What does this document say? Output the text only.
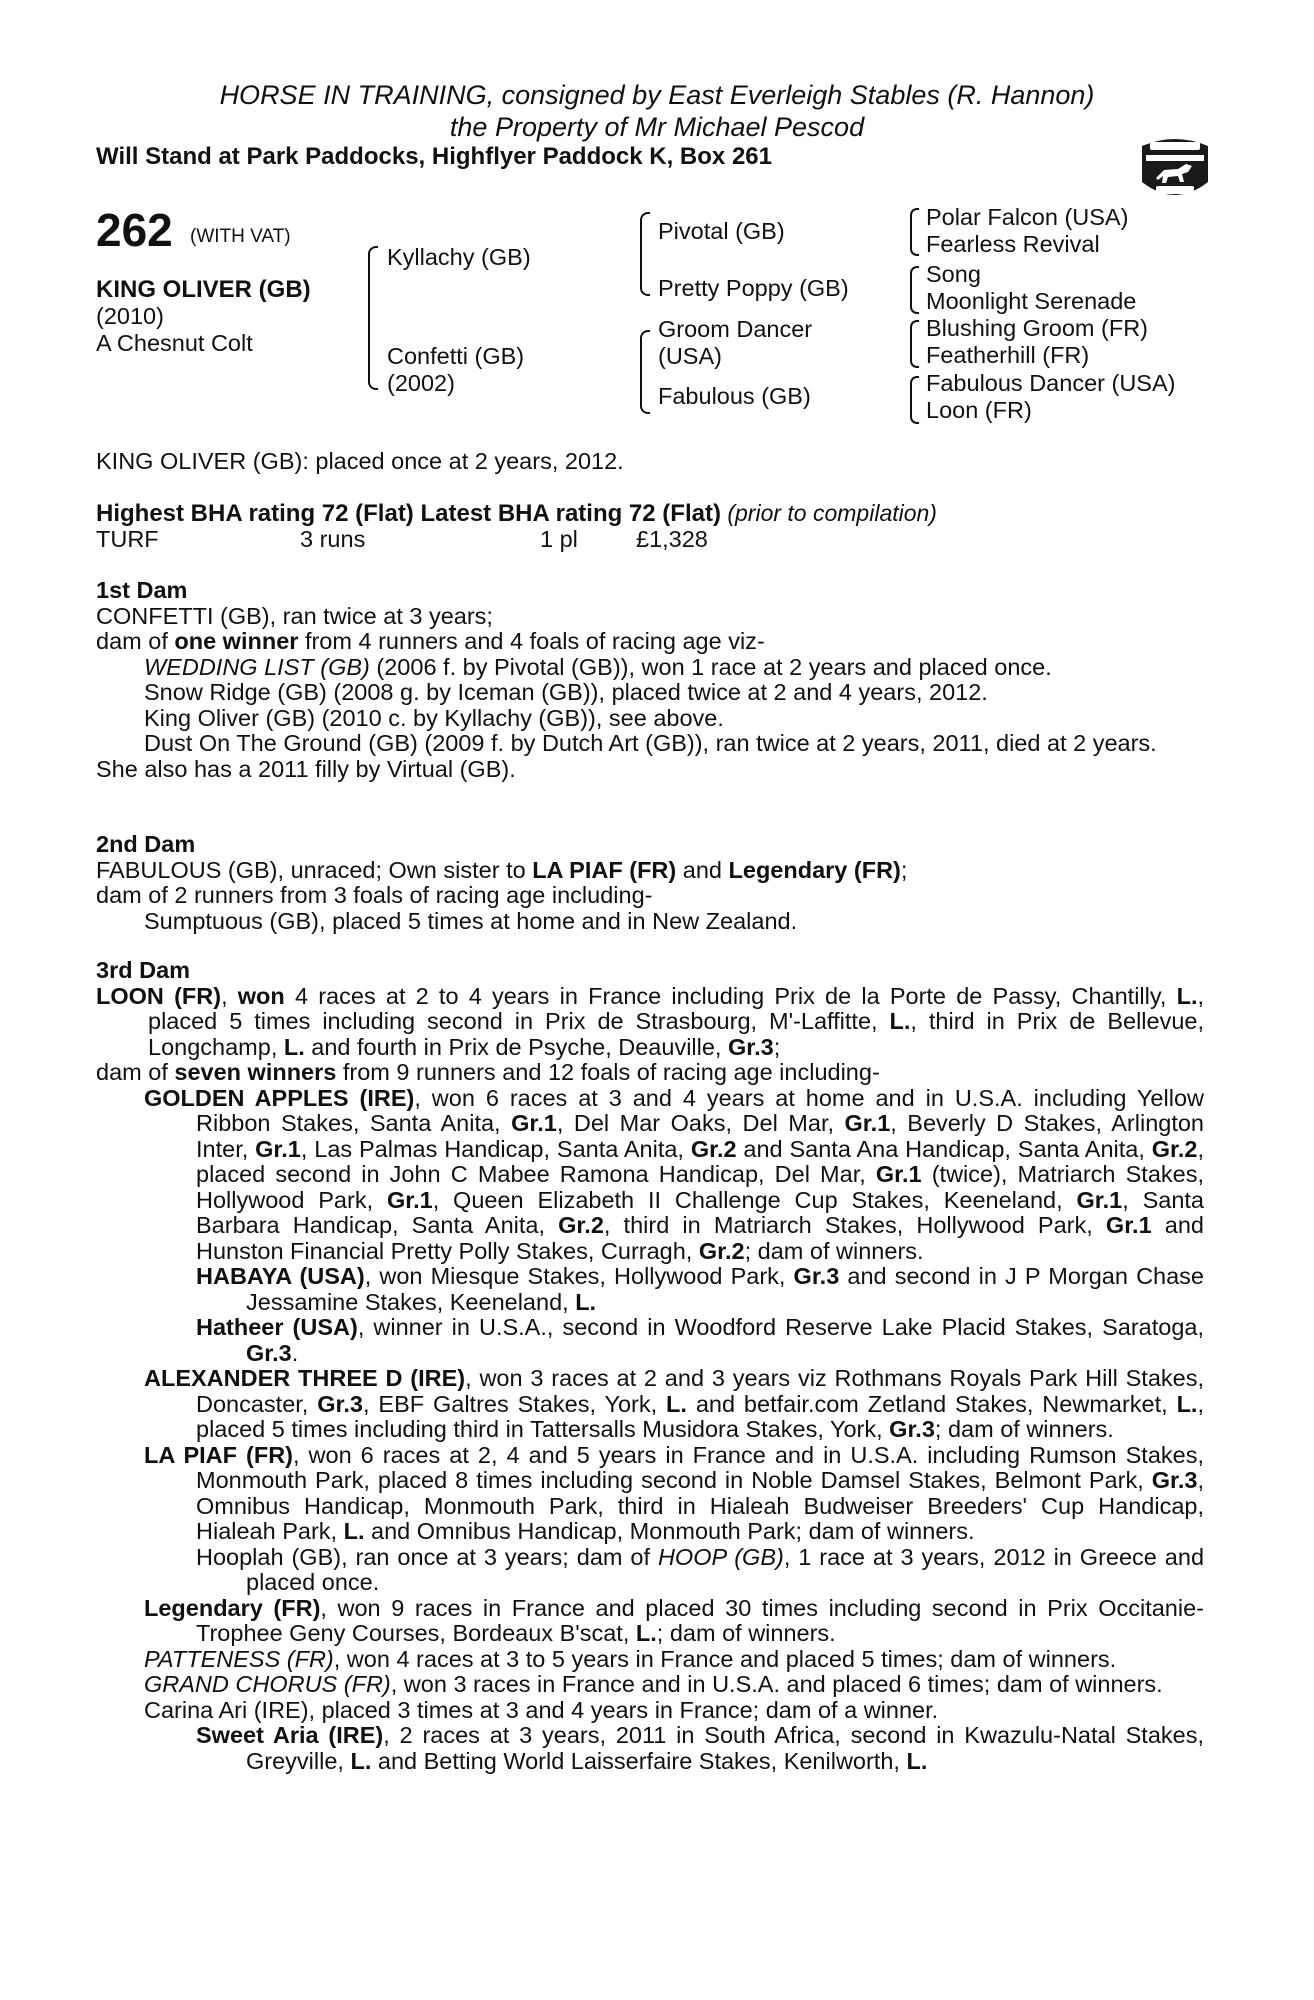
HORSE IN TRAINING, consigned by East Everleigh Stables (R. Hannon)
the Property of Mr Michael Pescod
Will Stand at Park Paddocks, Highflyer Paddock K, Box 261
262 (WITH VAT)
KING OLIVER (GB)
(2010)
A Chesnut Colt
Kyllachy (GB)
Confetti (GB)
(2002)
Pivotal (GB)
Pretty Poppy (GB)
Groom Dancer
(USA)
Fabulous (GB)
Polar Falcon (USA)
Fearless Revival
Song
Moonlight Serenade
Blushing Groom (FR)
Featherhill (FR)
Fabulous Dancer (USA)
Loon (FR)
KING OLIVER (GB): placed once at 2 years, 2012.
Highest BHA rating 72 (Flat) Latest BHA rating 72 (Flat) (prior to compilation)
TURF	3 runs	1 pl £1,328

1st Dam

CONFETTI (GB), ran twice at 3 years;

dam of one winner from 4 runners and 4 foals of racing age viz-

WEDDING LIST (GB) (2006 f. by Pivotal (GB)), won 1 race at 2 years and placed once.

Snow Ridge (GB) (2008 g. by Iceman (GB)), placed twice at 2 and 4 years, 2012.

King Oliver (GB) (2010 c. by Kyllachy (GB)), see above.

Dust On The Ground (GB) (2009 f. by Dutch Art (GB)), ran twice at 2 years, 2011, died at 2 years.

She also has a 2011 filly by Virtual (GB).

2nd Dam

FABULOUS (GB), unraced; Own sister to LA PIAF (FR) and Legendary (FR);

dam of 2 runners from 3 foals of racing age including-

Sumptuous (GB), placed 5 times at home and in New Zealand.

3rd Dam

LOON (FR), won 4 races at 2 to 4 years in France including Prix de la Porte de Passy, Chantilly, L., placed 5 times including second in Prix de Strasbourg, M'-Laffitte, L., third in Prix de Bellevue, Longchamp, L. and fourth in Prix de Psyche, Deauville, Gr.3;

dam of seven winners from 9 runners and 12 foals of racing age including-

GOLDEN APPLES (IRE), won 6 races at 3 and 4 years at home and in U.S.A. including Yellow Ribbon Stakes, Santa Anita, Gr.1, Del Mar Oaks, Del Mar, Gr.1, Beverly D Stakes, Arlington Inter, Gr.1, Las Palmas Handicap, Santa Anita, Gr.2 and Santa Ana Handicap, Santa Anita, Gr.2, placed second in John C Mabee Ramona Handicap, Del Mar, Gr.1 (twice), Matriarch Stakes, Hollywood Park, Gr.1, Queen Elizabeth II Challenge Cup Stakes, Keeneland, Gr.1, Santa Barbara Handicap, Santa Anita, Gr.2, third in Matriarch Stakes, Hollywood Park, Gr.1 and Hunston Financial Pretty Polly Stakes, Curragh, Gr.2; dam of winners.

HABAYA (USA), won Miesque Stakes, Hollywood Park, Gr.3 and second in J P Morgan Chase Jessamine Stakes, Keeneland, L.

Hatheer (USA), winner in U.S.A., second in Woodford Reserve Lake Placid Stakes, Saratoga, Gr.3.

ALEXANDER THREE D (IRE), won 3 races at 2 and 3 years viz Rothmans Royals Park Hill Stakes, Doncaster, Gr.3, EBF Galtres Stakes, York, L. and betfair.com Zetland Stakes, Newmarket, L., placed 5 times including third in Tattersalls Musidora Stakes, York, Gr.3; dam of winners.

LA PIAF (FR), won 6 races at 2, 4 and 5 years in France and in U.S.A. including Rumson Stakes, Monmouth Park, placed 8 times including second in Noble Damsel Stakes, Belmont Park, Gr.3, Omnibus Handicap, Monmouth Park, third in Hialeah Budweiser Breeders' Cup Handicap, Hialeah Park, L. and Omnibus Handicap, Monmouth Park; dam of winners.

Hooplah (GB), ran once at 3 years; dam of HOOP (GB), 1 race at 3 years, 2012 in Greece and placed once.

Legendary (FR), won 9 races in France and placed 30 times including second in Prix Occitanie-Trophee Geny Courses, Bordeaux B'scat, L.; dam of winners.

PATTENESS (FR), won 4 races at 3 to 5 years in France and placed 5 times; dam of winners.

GRAND CHORUS (FR), won 3 races in France and in U.S.A. and placed 6 times; dam of winners.

Carina Ari (IRE), placed 3 times at 3 and 4 years in France; dam of a winner.

Sweet Aria (IRE), 2 races at 3 years, 2011 in South Africa, second in Kwazulu-Natal Stakes, Greyville, L. and Betting World Laisserfaire Stakes, Kenilworth, L.
